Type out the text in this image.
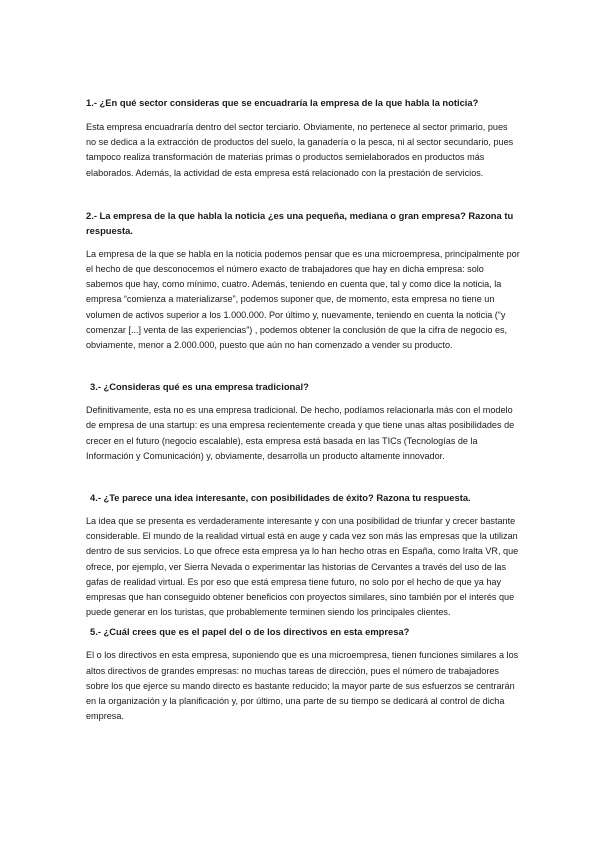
1.- ¿En qué sector consideras que se encuadraría la empresa de la que habla la noticia?

Esta empresa encuadraría dentro del sector terciario. Obviamente, no pertenece al sector primario, pues no se dedica a la extracción de productos del suelo, la ganadería o la pesca, ni al sector secundario, pues tampoco realiza transformación de materias primas o productos semielaborados en productos más elaborados. Además, la actividad de esta empresa está relacionado con la prestación de servicios.

2.- La empresa de la que habla la noticia ¿es una pequeña, mediana o gran empresa? Razona tu respuesta.

La empresa de la que se habla en la noticia podemos pensar que es una microempresa, principalmente por el hecho de que desconocemos el número exacto de trabajadores que hay en dicha empresa: solo sabemos que hay, como mínimo, cuatro. Además, teniendo en cuenta que, tal y como dice la noticia, la empresa “comienza a materializarse”, podemos suponer que, de momento, esta empresa no tiene un volumen de activos superior a los 1.000.000. Por último y, nuevamente, teniendo en cuenta la noticia (“y comenzar [...] venta de las experiencias”) , podemos obtener la conclusión de que la cifra de negocio es, obviamente, menor a 2.000.000, puesto que aún no han comenzado a vender su producto.

3.- ¿Consideras qué es una empresa tradicional?

Definitivamente, esta no es una empresa tradicional. De hecho, podíamos relacionarla más con el modelo de empresa de una startup: es una empresa recientemente creada y que tiene unas altas posibilidades de crecer en el futuro (negocio escalable), esta empresa está basada en las TICs (Tecnologías de la Información y Comunicación) y, obviamente, desarrolla un producto altamente innovador.

4.- ¿Te parece una idea interesante, con posibilidades de éxito? Razona tu respuesta.

La idea que se presenta es verdaderamente interesante y con una posibilidad de triunfar y crecer bastante considerable. El mundo de la realidad virtual está en auge y cada vez son más las empresas que la utilizan dentro de sus servicios. Lo que ofrece esta empresa ya lo han hecho otras en España, como Iralta VR, que ofrece, por ejemplo, ver Sierra Nevada o experimentar las historias de Cervantes a través del uso de las gafas de realidad virtual. Es por eso que está empresa tiene futuro, no solo por el hecho de que ya hay empresas que han conseguido obtener beneficios con proyectos similares, sino también por el interés que puede generar en los turistas, que probablemente terminen siendo los principales clientes.

5.- ¿Cuál crees que es el papel del o de los directivos en esta empresa?

El o los directivos en esta empresa, suponiendo que es una microempresa, tienen funciones similares a los altos directivos de grandes empresas: no muchas tareas de dirección, pues el número de trabajadores sobre los que ejerce su mando directo es bastante reducido; la mayor parte de sus esfuerzos se centrarán en la organización y la planificación y, por último, una parte de su tiempo se dedicará al control de dicha empresa.
